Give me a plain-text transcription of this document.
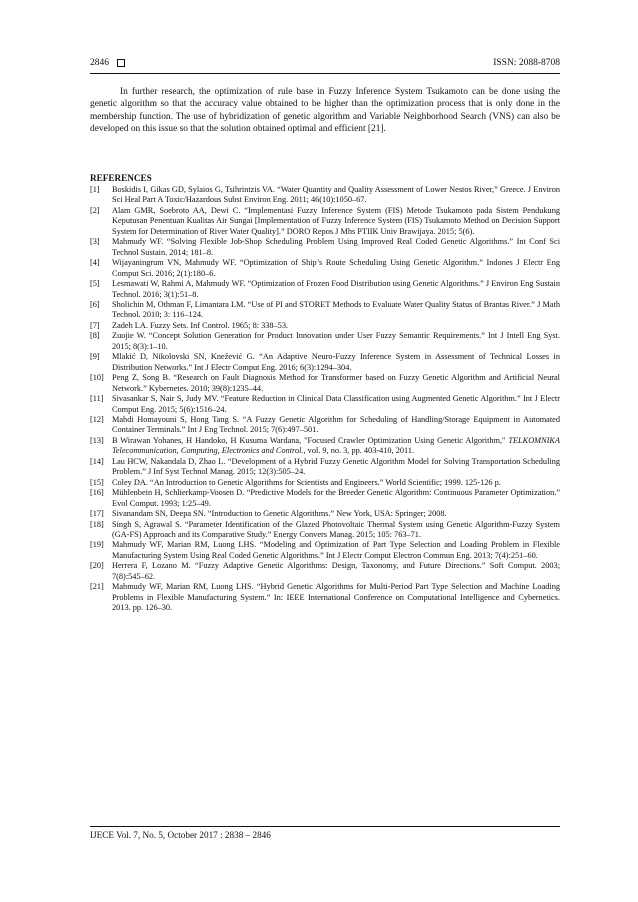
2846	ISSN: 2088-8708

In further research, the optimization of rule base in Fuzzy Inference System Tsukamoto can be done using the genetic algorithm so that the accuracy value obtained to be higher than the optimization process that is only done in the membership function. The use of hybridization of genetic algorithm and Variable Neighborhood Search (VNS) can also be developed on this issue so that the solution obtained optimal and efficient [21].

REFERENCES
[1] Boskidis I, Gikas GD, Sylaios G, Tsihrintzis VA. “Water Quantity and Quality Assessment of Lower Nestos River,” Greece. J Environ Sci Heal Part A Toxic/Hazardous Subst Environ Eng. 2011; 46(10):1050–67.
[2] Alam GMR, Soebroto AA, Dewi C. “Implementasi Fuzzy Inference System (FIS) Metode Tsukamoto pada Sistem Pendukung Keputusan Penentuan Kualitas Air Sungai [Implementation of Fuzzy Inference System (FIS) Tsukamoto Method on Decision Support System for Determination of River Water Quality].” DORO Repos J Mhs PTIIK Univ Brawijaya. 2015; 5(6).
[3] Mahmudy WF. “Solving Flexible Job-Shop Scheduling Problem Using Improved Real Coded Genetic Algorithms.” Int Conf Sci Technol Sustain. 2014; 181–8.
[4] Wijayaningrum VN, Mahmudy WF. “Optimization of Ship’s Route Scheduling Using Genetic Algorithm.” Indones J Electr Eng Comput Sci. 2016; 2(1):180–6.
[5] Lesmawati W, Rahmi A, Mahmudy WF. “Optimization of Frozen Food Distribution using Genetic Algorithms.” J Environ Eng Sustain Technol. 2016; 3(1):51–8.
[6] Sholichin M, Othman F, Limantara LM. “Use of PI and STORET Methods to Evaluate Water Quality Status of Brantas River.” J Math Technol. 2010; 3: 116–124.
[7] Zadeh LA. Fuzzy Sets. Inf Control. 1965; 8: 338–53.
[8] Zuojie W. “Concept Solution Generation for Product Innovation under User Fuzzy Semantic Requirements.” Int J Intell Eng Syst. 2015; 8(3):1–10.
[9] Mlakić D, Nikolovski SN, Knežević G. “An Adaptive Neuro-Fuzzy Inference System in Assessment of Technical Losses in Distribution Networks.” Int J Electr Comput Eng. 2016; 6(3):1294–304.
[10] Peng Z, Song B. “Research on Fault Diagnosis Method for Transformer based on Fuzzy Genetic Algorithm and Artificial Neural Network.” Kybernetes. 2010; 39(8):1235–44.
[11] Sivasankar S, Nair S, Judy MV. “Feature Reduction in Clinical Data Classification using Augmented Genetic Algorithm.” Int J Electr Comput Eng. 2015; 5(6):1516–24.
[12] Mahdi Homayouni S, Hong Tang S. “A Fuzzy Genetic Algorithm for Scheduling of Handling/Storage Equipment in Automated Container Terminals.” Int J Eng Technol. 2015; 7(6):497–501.
[13] B Wirawan Yohanes, H Handoko, H Kusuma Wardana, "Focused Crawler Optimization Using Genetic Algorithm," TELKOMNIKA Telecommunication, Computing, Electronics and Control., vol. 9, no. 3, pp. 403-410, 2011.
[14] Lau HCW, Nakandala D, Zhao L. “Development of a Hybrid Fuzzy Genetic Algorithm Model for Solving Transportation Scheduling Problem.” J Inf Syst Technol Manag. 2015; 12(3):505–24.
[15] Coley DA. “An Introduction to Genetic Algorithms for Scientists and Engineers.” World Scientific; 1999. 125-126 p.
[16] Mühlenbein H, Schlierkamp-Voosen D. “Predictive Models for the Breeder Genetic Algorithm: Continuous Parameter Optimization.” Evol Comput. 1993; 1:25–49.
[17] Sivanandam SN, Deepa SN. “Introduction to Genetic Algorithms.” New York, USA: Springer; 2008.
[18] Singh S, Agrawal S. “Parameter Identification of the Glazed Photovoltaic Thermal System using Genetic Algorithm-Fuzzy System (GA-FS) Approach and its Comparative Study.” Energy Convers Manag. 2015; 105: 763–71.
[19] Mahmudy WF, Marian RM, Luong LHS. “Modeling and Optimization of Part Type Selection and Loading Problem in Flexible Manufacturing System Using Real Coded Genetic Algorithms.” Int J Electr Comput Electron Commun Eng. 2013; 7(4):251–60.
[20] Herrera F, Lozano M. “Fuzzy Adaptive Genetic Algorithms: Design, Taxonomy, and Future Directions.” Soft Comput. 2003; 7(8):545–62.
[21] Mahmudy WF, Marian RM, Luong LHS. “Hybrid Genetic Algorithms for Multi-Period Part Type Selection and Machine Loading Problems in Flexible Manufacturing System.” In: IEEE International Conference on Computational Intelligence and Cybernetics. 2013. pp. 126–30.
IJECE Vol. 7, No. 5, October 2017 : 2838 – 2846
